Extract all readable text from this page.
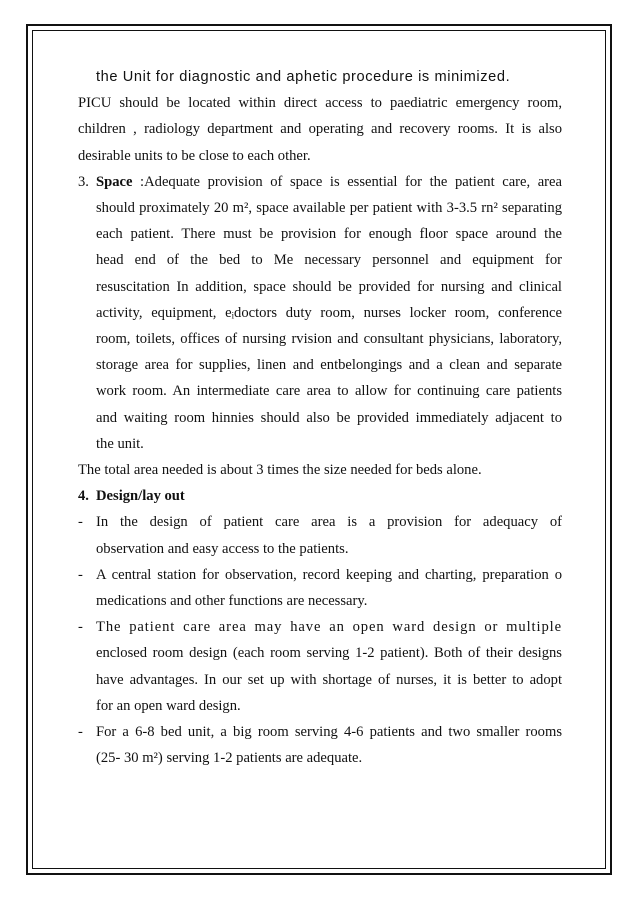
the Unit for diagnostic and aphetic procedure is minimized.
PICU should be located within direct access to paediatric emergency room,
children , radiology department and operating and recovery rooms. It is also
desirable units to be close to each other.
3. Space :Adequate provision of space is essential for the patient care, area
should proximately 20 m², space available per patient with 3-3.5 rn² separating
each patient. There must be provision for enough floor space around the
head end of the bed to Me necessary personnel and equipment for
resuscitation In addition, space should be provided for nursing and clinical
activity, equipment, eᵢdoctors duty room, nurses locker room, conference
room, toilets, offices of nursing rvision and consultant physicians, laboratory,
storage area for supplies, linen and entbelongings and a clean and separate
work room. An intermediate care area to allow for continuing care patients
and waiting room hinnies should also be provided immediately adjacent to
the unit.
The total area needed is about 3 times the size needed for beds alone.
4. Design/lay out
- In the design of patient care area is a provision for adequacy of
observation and easy access to the patients.
- A central station for observation, record keeping and charting, preparation o
medications and other functions are necessary.
- The patient care area may have an open ward design or multiple
enclosed room design (each room serving 1-2 patient). Both of their designs
have advantages. In our set up with shortage of nurses, it is better to adopt
for an open ward design.
- For a 6-8 bed unit, a big room serving 4-6 patients and two smaller rooms
(25- 30 m²) serving 1-2 patients are adequate.
